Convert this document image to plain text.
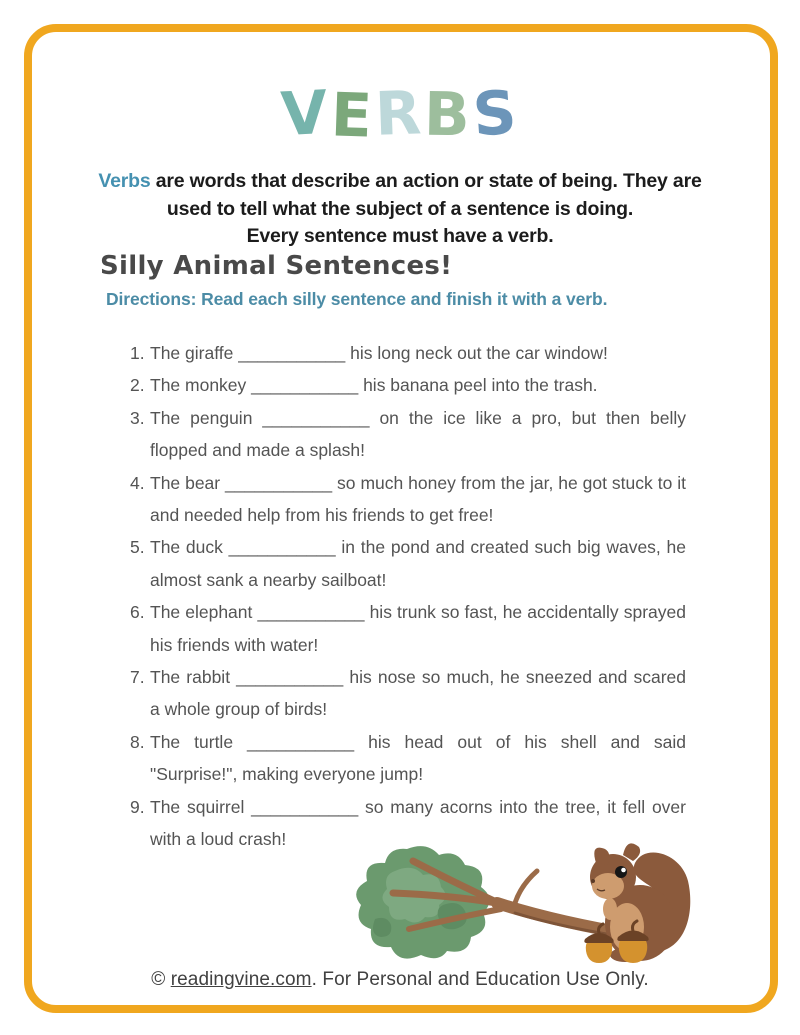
VERBS

Verbs are words that describe an action or state of being. They are
used to tell what the subject of a sentence is doing.
Every sentence must have a verb.

Silly Animal Sentences!

Directions: Read each silly sentence and finish it with a verb.

1. The giraffe ___________ his long neck out the car window!
2. The monkey ___________ his banana peel into the trash.
3. The penguin ___________ on the ice like a pro, but then belly flopped and made a splash!
4. The bear ___________ so much honey from the jar, he got stuck to it and needed help from his friends to get free!
5. The duck ___________ in the pond and created such big waves, he almost sank a nearby sailboat!
6. The elephant ___________ his trunk so fast, he accidentally sprayed his friends with water!
7. The rabbit ___________ his nose so much, he sneezed and scared a whole group of birds!
8. The turtle ___________ his head out of his shell and said "Surprise!", making everyone jump!
9. The squirrel ___________ so many acorns into the tree, it fell over with a loud crash!

© readingvine.com. For Personal and Education Use Only.
